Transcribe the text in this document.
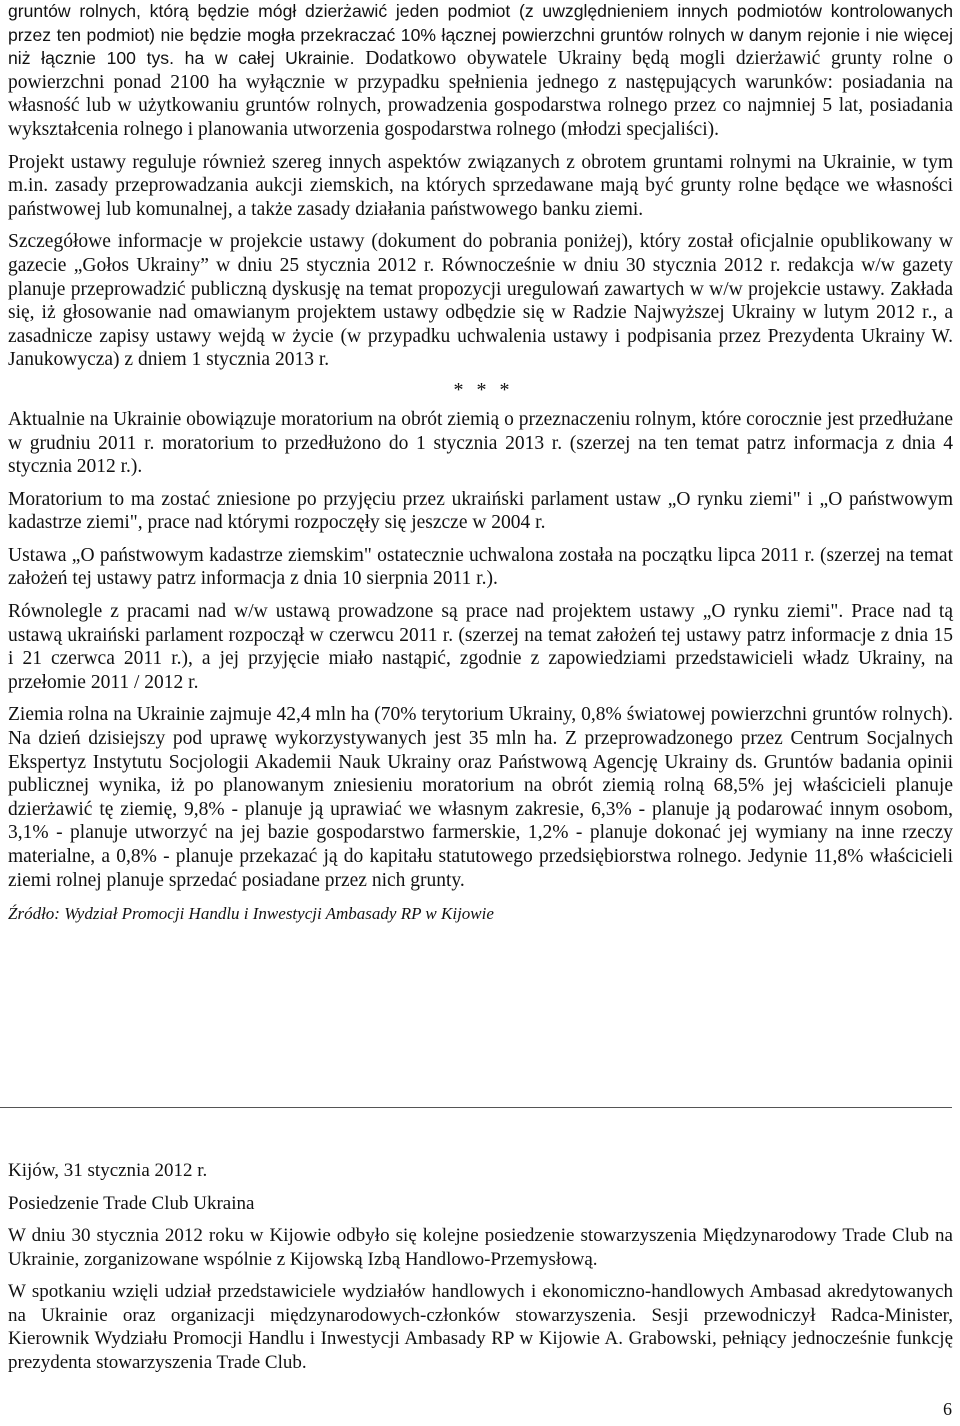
gruntów rolnych, którą będzie mógł dzierżawić jeden podmiot (z uwzględnieniem innych podmiotów kontrolowanych przez ten podmiot) nie będzie mogła przekraczać 10% łącznej powierzchni gruntów rolnych w danym rejonie i nie więcej niż łącznie 100 tys. ha w całej Ukrainie. Dodatkowo obywatele Ukrainy będą mogli dzierżawić grunty rolne o powierzchni ponad 2100 ha wyłącznie w przypadku spełnienia jednego z następujących warunków: posiadania na własność lub w użytkowaniu gruntów rolnych, prowadzenia gospodarstwa rolnego przez co najmniej 5 lat, posiadania wykształcenia rolnego i planowania utworzenia gospodarstwa rolnego (młodzi specjaliści).

Projekt ustawy reguluje również szereg innych aspektów związanych z obrotem gruntami rolnymi na Ukrainie, w tym m.in. zasady przeprowadzania aukcji ziemskich, na których sprzedawane mają być grunty rolne będące we własności państwowej lub komunalnej, a także zasady działania państwowego banku ziemi.

Szczegółowe informacje w projekcie ustawy (dokument do pobrania poniżej), który został oficjalnie opublikowany w gazecie „Gołos Ukrainy” w dniu 25 stycznia 2012 r. Równocześnie w dniu 30 stycznia 2012 r. redakcja w/w gazety planuje przeprowadzić publiczną dyskusję na temat propozycji uregulowań zawartych w w/w projekcie ustawy. Zakłada się, iż głosowanie nad omawianym projektem ustawy odbędzie się w Radzie Najwyższej Ukrainy w lutym 2012 r., a zasadnicze zapisy ustawy wejdą w życie (w przypadku uchwalenia ustawy i podpisania przez Prezydenta Ukrainy W. Janukowycza) z dniem 1 stycznia 2013 r.

* * *

Aktualnie na Ukrainie obowiązuje moratorium na obrót ziemią o przeznaczeniu rolnym, które corocznie jest przedłużane w grudniu 2011 r. moratorium to przedłużono do 1 stycznia 2013 r. (szerzej na ten temat patrz informacja z dnia 4 stycznia 2012 r.).

Moratorium to ma zostać zniesione po przyjęciu przez ukraiński parlament ustaw „O rynku ziemi" i „O państwowym kadastrze ziemi", prace nad którymi rozpoczęły się jeszcze w 2004 r.

Ustawa „O państwowym kadastrze ziemskim" ostatecznie uchwalona została na początku lipca 2011 r. (szerzej na temat założeń tej ustawy patrz informacja z dnia 10 sierpnia 2011 r.).

Równolegle z pracami nad w/w ustawą prowadzone są prace nad projektem ustawy „O rynku ziemi". Prace nad tą ustawą ukraiński parlament rozpoczął w czerwcu 2011 r. (szerzej na temat założeń tej ustawy patrz informacje z dnia 15 i 21 czerwca 2011 r.), a jej przyjęcie miało nastąpić, zgodnie z zapowiedziami przedstawicieli władz Ukrainy, na przełomie 2011 / 2012 r.

Ziemia rolna na Ukrainie zajmuje 42,4 mln ha (70% terytorium Ukrainy, 0,8% światowej powierzchni gruntów rolnych). Na dzień dzisiejszy pod uprawę wykorzystywanych jest 35 mln ha. Z przeprowadzonego przez Centrum Socjalnych Ekspertyz Instytutu Socjologii Akademii Nauk Ukrainy oraz Państwową Agencję Ukrainy ds. Gruntów badania opinii publicznej wynika, iż po planowanym zniesieniu moratorium na obrót ziemią rolną 68,5% jej właścicieli planuje dzierżawić tę ziemię, 9,8% - planuje ją uprawiać we własnym zakresie, 6,3% - planuje ją podarować innym osobom, 3,1% - planuje utworzyć na jej bazie gospodarstwo farmerskie, 1,2% - planuje dokonać jej wymiany na inne rzeczy materialne, a 0,8% - planuje przekazać ją do kapitału statutowego przedsiębiorstwa rolnego. Jedynie 11,8% właścicieli ziemi rolnej planuje sprzedać posiadane przez nich grunty.

Źródło: Wydział Promocji Handlu i Inwestycji Ambasady RP w Kijowie

Kijów, 31 stycznia 2012 r.

Posiedzenie Trade Club Ukraina

W dniu 30 stycznia 2012 roku w Kijowie odbyło się kolejne posiedzenie stowarzyszenia Międzynarodowy Trade Club na Ukrainie, zorganizowane wspólnie z Kijowską Izbą Handlowo-Przemysłową.

W spotkaniu wzięli udział przedstawiciele wydziałów handlowych i ekonomiczno-handlowych Ambasad akredytowanych na Ukrainie oraz organizacji międzynarodowych-członków stowarzyszenia. Sesji przewodniczył Radca-Minister, Kierownik Wydziału Promocji Handlu i Inwestycji Ambasady RP w Kijowie A. Grabowski, pełniący jednocześnie funkcję prezydenta stowarzyszenia Trade Club.

6
